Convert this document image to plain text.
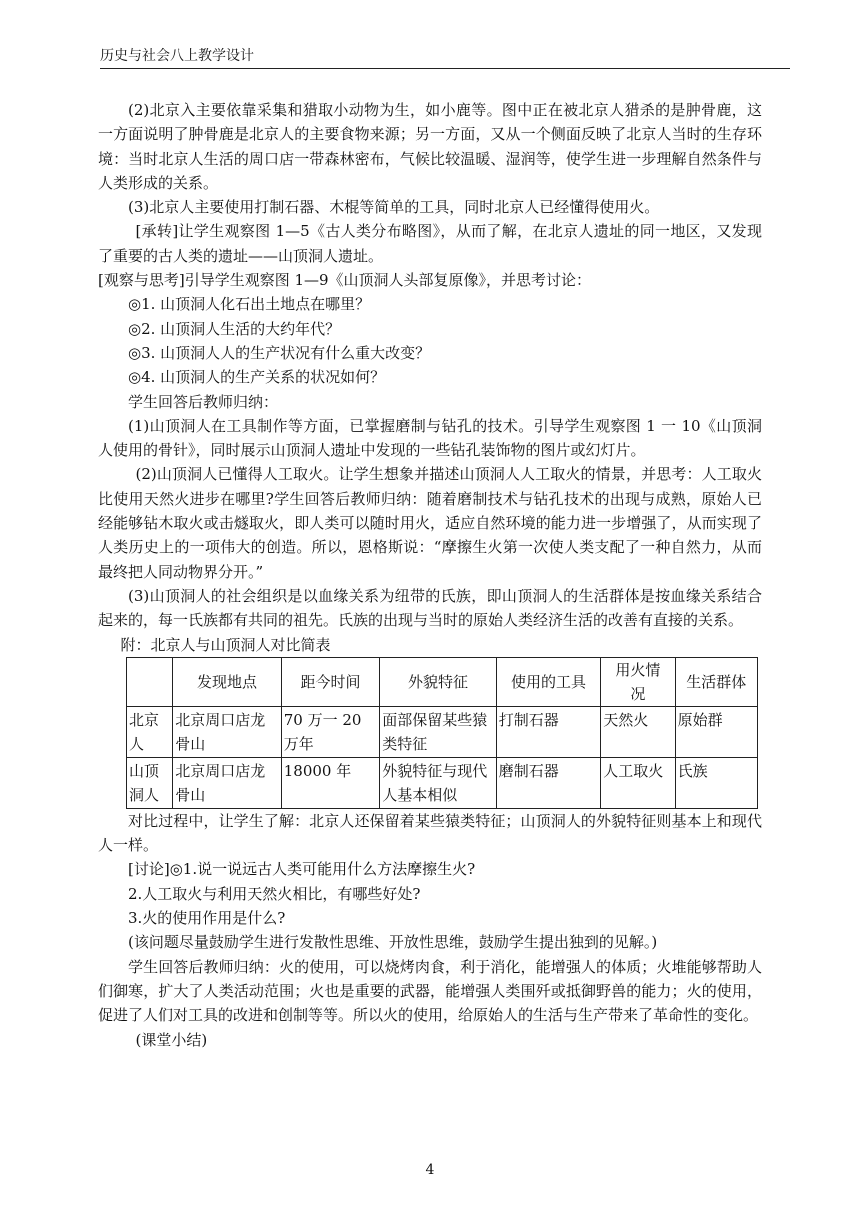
历史与社会八上教学设计

(2)北京入主要依靠采集和猎取小动物为生，如小鹿等。图中正在被北京人猎杀的是肿骨鹿，这一方面说明了肿骨鹿是北京人的主要食物来源；另一方面，又从一个侧面反映了北京人当时的生存环境：当时北京人生活的周口店一带森林密布，气候比较温暖、湿润等，使学生进一步理解自然条件与人类形成的关系。

(3)北京人主要使用打制石器、木棍等简单的工具，同时北京人已经懂得使用火。

[承转]让学生观察图 1—5《古人类分布略图》，从而了解，在北京人遗址的同一地区，又发现了重要的古人类的遗址——山顶洞人遗址。

[观察与思考]引导学生观察图 1—9《山顶洞人头部复原像》，并思考讨论：

◎1. 山顶洞人化石出土地点在哪里？

◎2. 山顶洞人生活的大约年代？

◎3. 山顶洞人人的生产状况有什么重大改变？

◎4. 山顶洞人的生产关系的状况如何？

学生回答后教师归纳：

(1)山顶洞人在工具制作等方面，已掌握磨制与钻孔的技术。引导学生观察图 1 一 10《山顶洞人使用的骨针》，同时展示山顶洞人遗址中发现的一些钻孔装饰物的图片或幻灯片。

(2)山顶洞人已懂得人工取火。让学生想象并描述山顶洞人人工取火的情景，并思考：人工取火比使用天然火进步在哪里?学生回答后教师归纳：随着磨制技术与钻孔技术的出现与成熟，原始人已经能够钻木取火或击燧取火，即人类可以随时用火，适应自然环境的能力进一步增强了，从而实现了人类历史上的一项伟大的创造。所以，恩格斯说：“摩擦生火第一次使人类支配了一种自然力，从而最终把人同动物界分开。”

(3)山顶洞人的社会组织是以血缘关系为纽带的氏族，即山顶洞人的生活群体是按血缘关系结合起来的，每一氏族都有共同的祖先。氏族的出现与当时的原始人类经济生活的改善有直接的关系。

附：北京人与山顶洞人对比简表

	发现地点	距今时间	外貌特征	使用的工具	用火情况	生活群体
北京人	北京周口店龙骨山	70 万一 20 万年	面部保留某些猿类特征	打制石器	天然火	原始群
山顶洞人	北京周口店龙骨山	18000 年	外貌特征与现代人基本相似	磨制石器	人工取火	氏族

对比过程中，让学生了解：北京人还保留着某些猿类特征；山顶洞人的外貌特征则基本上和现代人一样。

[讨论]◎1.说一说远古人类可能用什么方法摩擦生火?

2.人工取火与利用天然火相比，有哪些好处?

3.火的使用作用是什么?

(该问题尽量鼓励学生进行发散性思维、开放性思维，鼓励学生提出独到的见解。)

学生回答后教师归纳：火的使用，可以烧烤肉食，利于消化，能增强人的体质；火堆能够帮助人们御寒，扩大了人类活动范围；火也是重要的武器，能增强人类围歼或抵御野兽的能力；火的使用，促进了人们对工具的改进和创制等等。所以火的使用，给原始人的生活与生产带来了革命性的变化。

(课堂小结)

4
